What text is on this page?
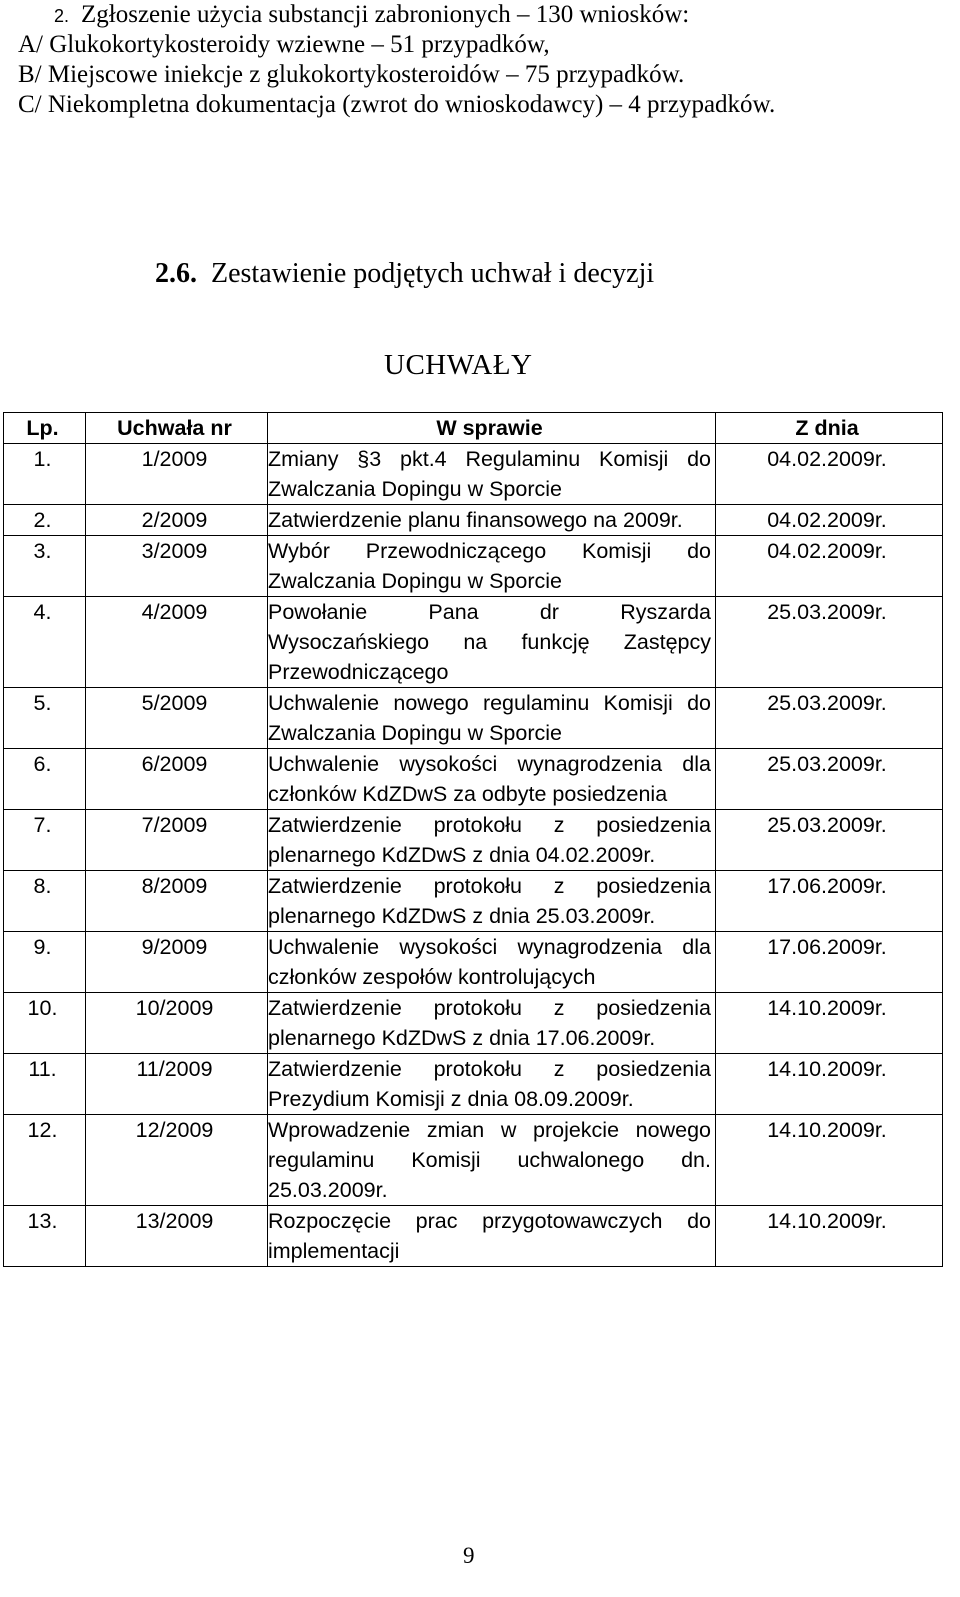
2. Zgłoszenie użycia substancji zabronionych – 130 wniosków:
A/ Glukokortykosteroidy wziewne – 51 przypadków,
B/ Miejscowe iniekcje z glukokortykosteroidów – 75 przypadków.
C/ Niekompletna dokumentacja (zwrot do wnioskodawcy) – 4 przypadków.
2.6. Zestawienie podjętych uchwał i decyzji
UCHWAŁY
Lp.	Uchwała nr	W sprawie	Z dnia
1.	1/2009	Zmiany §3 pkt.4 Regulaminu Komisji do Zwalczania Dopingu w Sporcie	04.02.2009r.
2.	2/2009	Zatwierdzenie planu finansowego na 2009r.	04.02.2009r.
3.	3/2009	Wybór Przewodniczącego Komisji do Zwalczania Dopingu w Sporcie	04.02.2009r.
4.	4/2009	Powołanie Pana dr Ryszarda Wysoczańskiego na funkcję Zastępcy Przewodniczącego	25.03.2009r.
5.	5/2009	Uchwalenie nowego regulaminu Komisji do Zwalczania Dopingu w Sporcie	25.03.2009r.
6.	6/2009	Uchwalenie wysokości wynagrodzenia dla członków KdZDwS za odbyte posiedzenia	25.03.2009r.
7.	7/2009	Zatwierdzenie protokołu z posiedzenia plenarnego KdZDwS z dnia 04.02.2009r.	25.03.2009r.
8.	8/2009	Zatwierdzenie protokołu z posiedzenia plenarnego KdZDwS z dnia 25.03.2009r.	17.06.2009r.
9.	9/2009	Uchwalenie wysokości wynagrodzenia dla członków zespołów kontrolujących	17.06.2009r.
10.	10/2009	Zatwierdzenie protokołu z posiedzenia plenarnego KdZDwS z dnia 17.06.2009r.	14.10.2009r.
11.	11/2009	Zatwierdzenie protokołu z posiedzenia Prezydium Komisji z dnia 08.09.2009r.	14.10.2009r.
12.	12/2009	Wprowadzenie zmian w projekcie nowego regulaminu Komisji uchwalonego dn. 25.03.2009r.	14.10.2009r.
13.	13/2009	Rozpoczęcie prac przygotowawczych do implementacji	14.10.2009r.
9
